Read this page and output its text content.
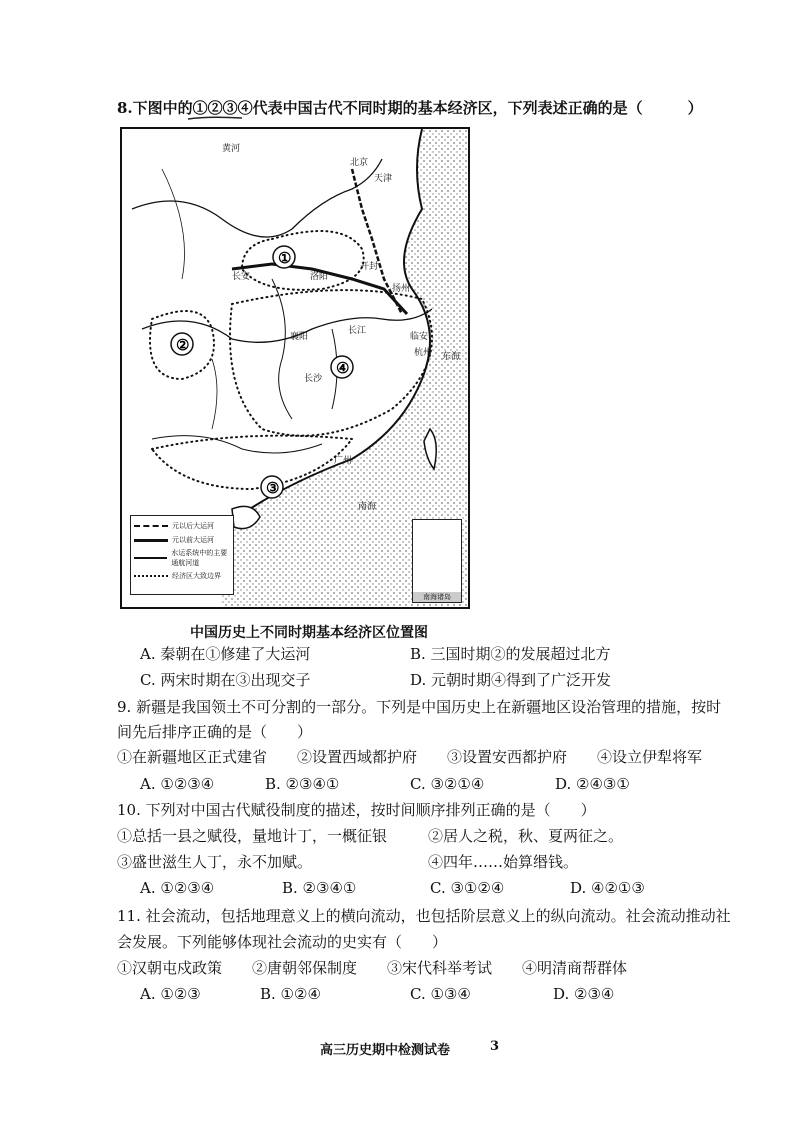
8.下图中的①②③④代表中国古代不同时期的基本经济区，下列表述正确的是（　　　）
①
②
③
④
北京
天津
长安	洛阳
开封
临安
杭州
扬州
襄阳
长沙
广州
南海
东海
黄河
长江
元以后大运河
元以前大运河
水运系统中的主要通航河道
经济区大致边界
南海诸岛
中国历史上不同时期基本经济区位置图
A. 秦朝在①修建了大运河	B. 三国时期②的发展超过北方
C. 两宋时期在③出现交子	D. 元朝时期④得到了广泛开发
9. 新疆是我国领土不可分割的一部分。下列是中国历史上在新疆地区设治管理的措施，按时
间先后排序正确的是（　　）
①在新疆地区正式建省　　②设置西域都护府　　③设置安西都护府　　④设立伊犁将军
A. ①②③④	B. ②③④①	C. ③②①④	D. ②④③①
10. 下列对中国古代赋役制度的描述，按时间顺序排列正确的是（　　）
①总括一县之赋役，量地计丁，一概征银	②居人之税，秋、夏两征之。
③盛世滋生人丁，永不加赋。	④四年……始算缗钱。
A. ①②③④	B. ②③④①	C. ③①②④	D. ④②①③
11. 社会流动，包括地理意义上的横向流动，也包括阶层意义上的纵向流动。社会流动推动社
会发展。下列能够体现社会流动的史实有（　　）
①汉朝屯戍政策　　②唐朝邻保制度　　③宋代科举考试　　④明清商帮群体
A. ①②③	B. ①②④	C. ①③④	D. ②③④
高三历史期中检测试卷	3
